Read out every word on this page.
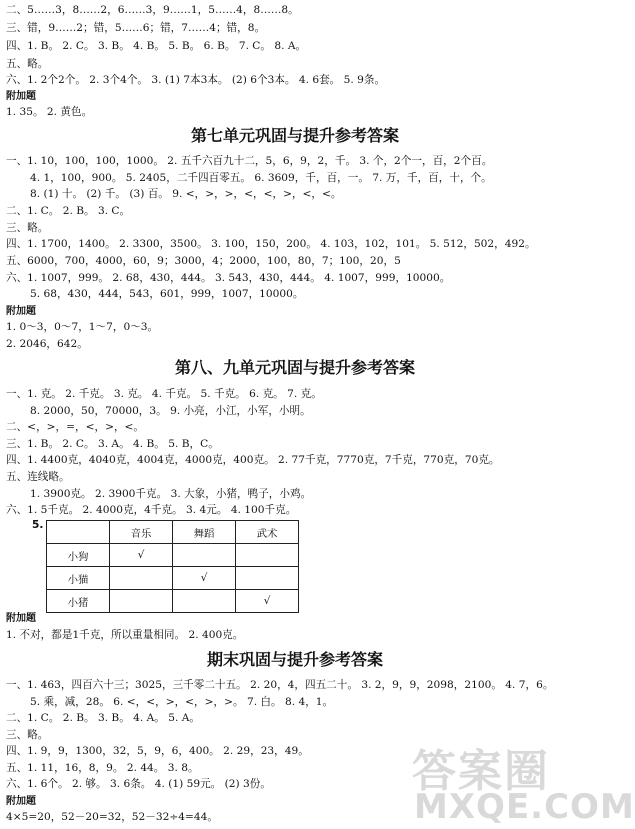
二、5……3，8……2，6……3，9……1，5……4，8……8。
三、错，9……2；错，5……6；错，7……4；错，8。
四、1. B。 2. C。 3. B。 4. B。 5. B。 6. B。 7. C。 8. A。
五、略。
六、1. 2个2个。 2. 3个4个。 3. (1) 7本3本。 (2) 6个3本。 4. 6套。 5. 9条。
附加题
1. 35。 2. 黄色。
第七单元巩固与提升参考答案
一、1. 10，100，100，1000。 2. 五千六百九十二，5，6，9，2，千。 3. 个，2个一，百，2个百。
4. 1，100，900。 5. 2405，二千四百零五。 6. 3609，千，百，一。 7. 万，千，百，十，个。
8. (1) 十。 (2) 千。 (3) 百。 9. <，>，>，<，<，>，<，<。
二、1. C。 2. B。 3. C。
三、略。
四、1. 1700，1400。 2. 3300，3500。 3. 100，150，200。 4. 103，102，101。 5. 512，502，492。
五、6000，700，4000，60，9；3000，4；2000，100，80，7；100，20，5
六、1. 1007，999。 2. 68，430，444。 3. 543，430，444。 4. 1007，999，10000。
5. 68，430，444，543，601，999，1007，10000。
附加题
1. 0～3，0～7，1～7，0～3。
2. 2046，642。
第八、九单元巩固与提升参考答案
一、1. 克。 2. 千克。 3. 克。 4. 千克。 5. 千克。 6. 克。 7. 克。
8. 2000，50，70000，3。 9. 小亮，小江，小军，小明。
二、<，>，=，<，>，<。
三、1. B。 2. C。 3. A。 4. B。 5. B，C。
四、1. 4400克，4040克，4004克，4000克，400克。 2. 77千克，7770克，7千克，770克，70克。
五、连线略。
1. 3900克。 2. 3900千克。 3. 大象，小猪，鸭子，小鸡。
六、1. 5千克。 2. 4000克，4千克。 3. 4元。 4. 100千克。
5.
	音乐	舞蹈	武术
小狗	√		
小猫		√	
小猪			√
附加题
1. 不对，都是1千克，所以重量相同。 2. 400克。
期末巩固与提升参考答案
一、1. 463，四百六十三；3025，三千零二十五。 2. 20，4，四五二十。 3. 2，9，9，2098，2100。 4. 7，6。
5. 乘，减，28。 6. <，<，>，<，>，>。 7. 白。 8. 4，1。
二、1. C。 2. B。 3. B。 4. A。 5. A。
三、略。
四、1. 9，9，1300，32，5，9，6，400。 2. 29，23，49。
五、1. 11，16，8，9。 2. 44。 3. 8。
六、1. 6个。 2. 够。 3. 6条。 4. (1) 59元。 (2) 3份。
附加题
4×5=20，52－20=32，52－32÷4=44。
答案圈
MXQE.COM
